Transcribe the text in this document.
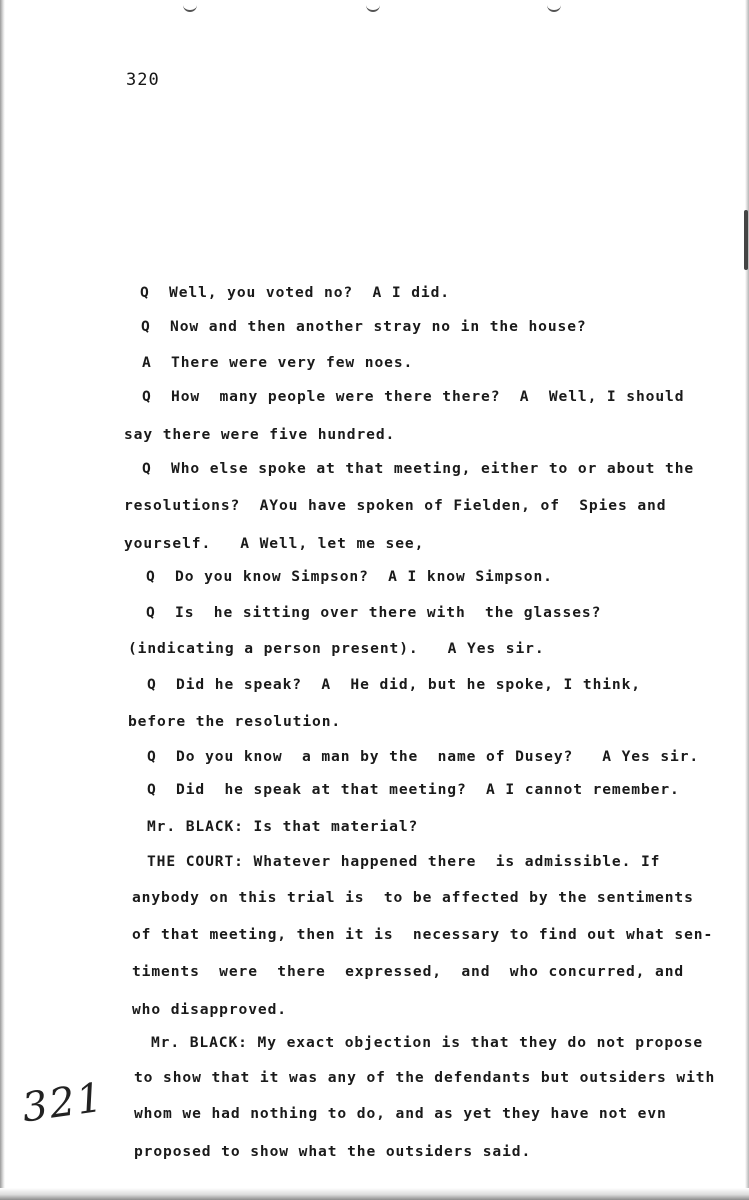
320
Q  Well, you voted no?  A I did.
Q  Now and then another stray no in the house?
A  There were very few noes.
Q  How  many people were there there?  A  Well, I should
say there were five hundred.
Q  Who else spoke at that meeting, either to or about the
resolutions?  AYou have spoken of Fielden, of  Spies and
yourself.   A Well, let me see,
Q  Do you know Simpson?  A I know Simpson.
Q  Is  he sitting over there with  the glasses?
(indicating a person present).   A Yes sir.
Q  Did he speak?  A  He did, but he spoke, I think,
before the resolution.
Q  Do you know  a man by the  name of Dusey?   A Yes sir.
Q  Did  he speak at that meeting?  A I cannot remember.
Mr. BLACK: Is that material?
THE COURT: Whatever happened there  is admissible. If
anybody on this trial is  to be affected by the sentiments
of that meeting, then it is  necessary to find out what sen-
timents  were  there  expressed,  and  who concurred, and
who disapproved.
Mr. BLACK: My exact objection is that they do not propose
to show that it was any of the defendants but outsiders with
whom we had nothing to do, and as yet they have not evn
proposed to show what the outsiders said.
321
